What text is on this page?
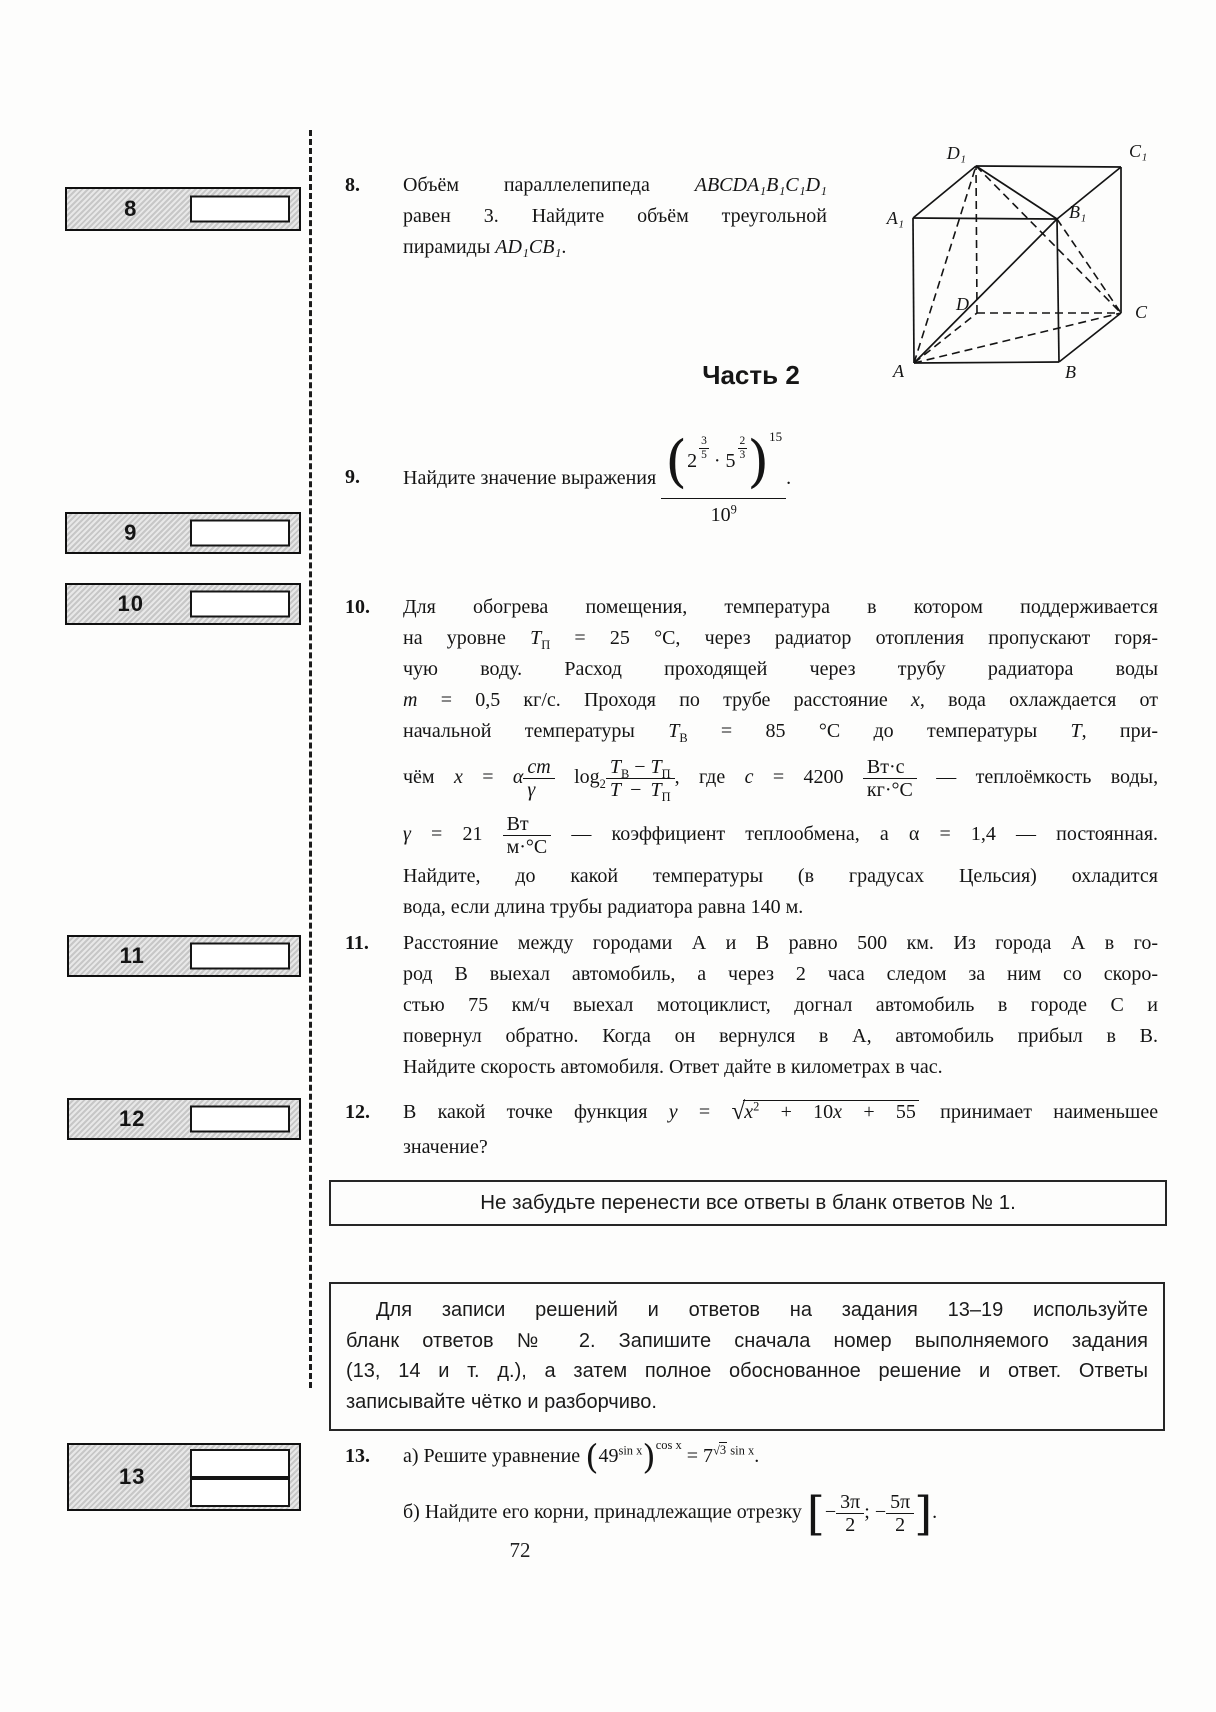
8
9
10
11
12
13
8. Объём параллелепипеда ABCDA₁B₁C₁D₁
равен 3. Найдите объём треугольной
пирамиды AD₁CB₁.
D₁	C₁
A₁	B₁
D	C
A	B
Часть 2
9. Найдите значение выражения $\frac{(2 \frac{3}{5} \cdot 5 \frac{2}{3} )^{15}}{10^9}$ .
10. Для обогрева помещения, температура в котором поддерживается
на уровне $T_П = 25$ °С, через радиатор отопления пропускают горя-
чую воду. Расход проходящей через трубу радиатора воды
m = 0,5 кг/с. Проходя по трубе расстояние x, вода охлаждается от
начальной температуры $T_В = 85$ °С до температуры T, при-
чём x = α $\frac{cm}{\gamma} \log_2 \frac{T_В - T_П}{T - T_П}$ , где $c = 4200 \frac{Вт\cdot с}{кг\cdot^\circ С}$ — теплоёмкость воды,
$\gamma = 21 \frac{Вт}{м\cdot^\circ С}$ — коэффициент теплообмена, а α = 1,4 — постоянная.
Найдите, до какой температуры (в градусах Цельсия) охладится
вода, если длина трубы радиатора равна 140 м.
11. Расстояние между городами А и В равно 500 км. Из города А в го-
род В выехал автомобиль, а через 2 часа следом за ним со скоро-
стью 75 км/ч выехал мотоциклист, догнал автомобиль в городе С и
повернул обратно. Когда он вернулся в А, автомобиль прибыл в В.
Найдите скорость автомобиля. Ответ дайте в километрах в час.
12. В какой точке функция $y = √x^2 + 10x + 55$ принимает наименьшее
значение?
Не забудьте перенести все ответы в бланк ответов № 1.
Для записи решений и ответов на задания 13–19 используйте
бланк ответов № 2. Запишите сначала номер выполняемого задания
(13, 14 и т. д.), а затем полное обоснованное решение и ответ. Ответы
записывайте чётко и разборчиво.
13. а) Решите уравнение $(49^{sin x})^{cos x} = 7^{√3 sin x}$.
б) Найдите его корни, принадлежащие отрезку [− $\frac{3\pi}{2}$ ; − $\frac{5\pi}{2}$ ].
72
